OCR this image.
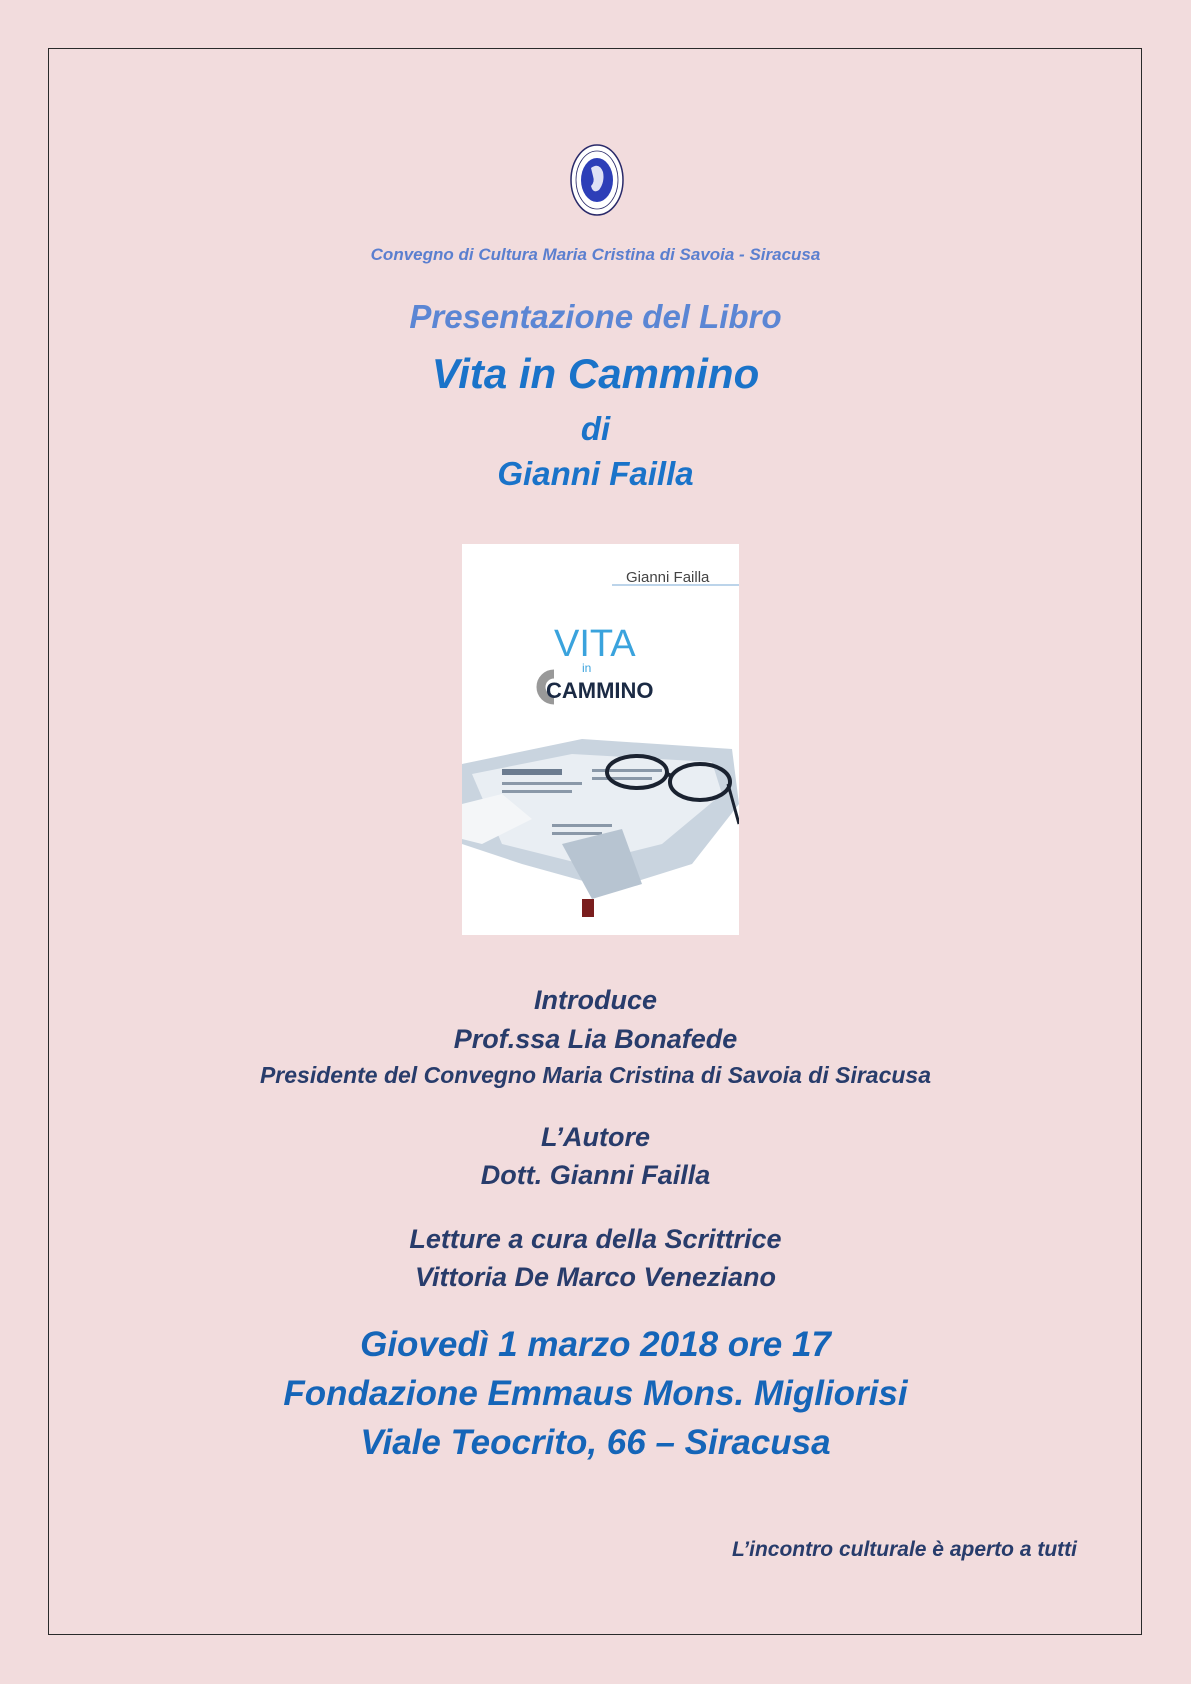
Convegno di Cultura Maria Cristina di Savoia - Siracusa
Presentazione del Libro
Vita in Cammino
di
Gianni Failla
Gianni Failla
VITA
in
CAMMINO
Introduce
Prof.ssa Lia Bonafede
Presidente del Convegno Maria Cristina di Savoia di Siracusa
L’Autore
Dott. Gianni Failla
Letture a cura della Scrittrice
Vittoria De Marco Veneziano
Giovedì 1 marzo 2018 ore 17
Fondazione Emmaus Mons. Migliorisi
Viale Teocrito, 66 – Siracusa
L’incontro culturale è aperto a tutti
